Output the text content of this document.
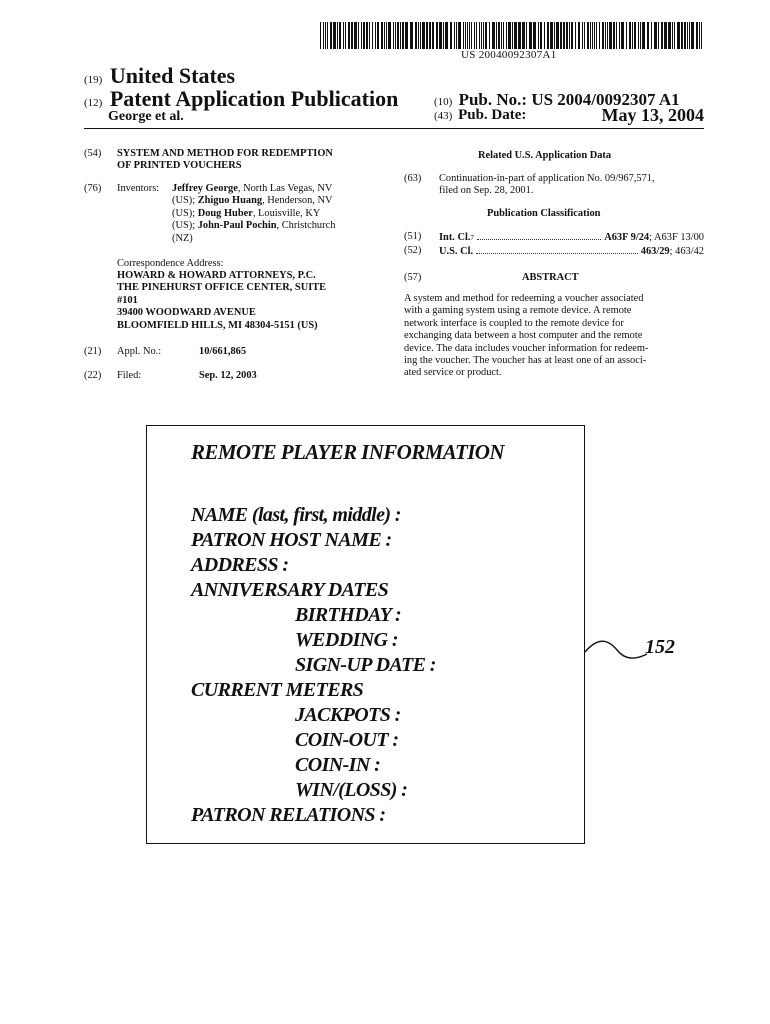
US 20040092307A1
(19) United States
(12) Patent Application Publication
George et al.
(10) Pub. No.: US 2004/0092307 A1
(43) Pub. Date:	May 13, 2004
(54) SYSTEM AND METHOD FOR REDEMPTION
OF PRINTED VOUCHERS
(76) Inventors: Jeffrey George, North Las Vegas, NV
(US); Zhiguo Huang, Henderson, NV
(US); Doug Huber, Louisville, KY
(US); John-Paul Pochin, Christchurch
(NZ)
Correspondence Address:
HOWARD & HOWARD ATTORNEYS, P.C.
THE PINEHURST OFFICE CENTER, SUITE
#101
39400 WOODWARD AVENUE
BLOOMFIELD HILLS, MI 48304-5151 (US)
(21) Appl. No.:	10/661,865
(22) Filed:	Sep. 12, 2003
Related U.S. Application Data
(63) Continuation-in-part of application No. 09/967,571,
filed on Sep. 28, 2001.
Publication Classification
(51) Int. Cl. 7	A63F 9/24 ; A63F 13/00
(52) U.S. Cl.	463/29 ; 463/42
(57)	ABSTRACT
A system and method for redeeming a voucher associated
with a gaming system using a remote device. A remote
network interface is coupled to the remote device for
exchanging data between a host computer and the remote
device. The data includes voucher information for redeem-
ing the voucher. The voucher has at least one of an associ-
ated service or product.
REMOTE PLAYER INFORMATION
NAME (last, first, middle) :
PATRON HOST NAME :
ADDRESS :
ANNIVERSARY DATES
BIRTHDAY :
WEDDING :
SIGN-UP DATE :
CURRENT METERS
JACKPOTS :
COIN-OUT :
COIN-IN :
WIN/(LOSS) :
PATRON RELATIONS :
152
